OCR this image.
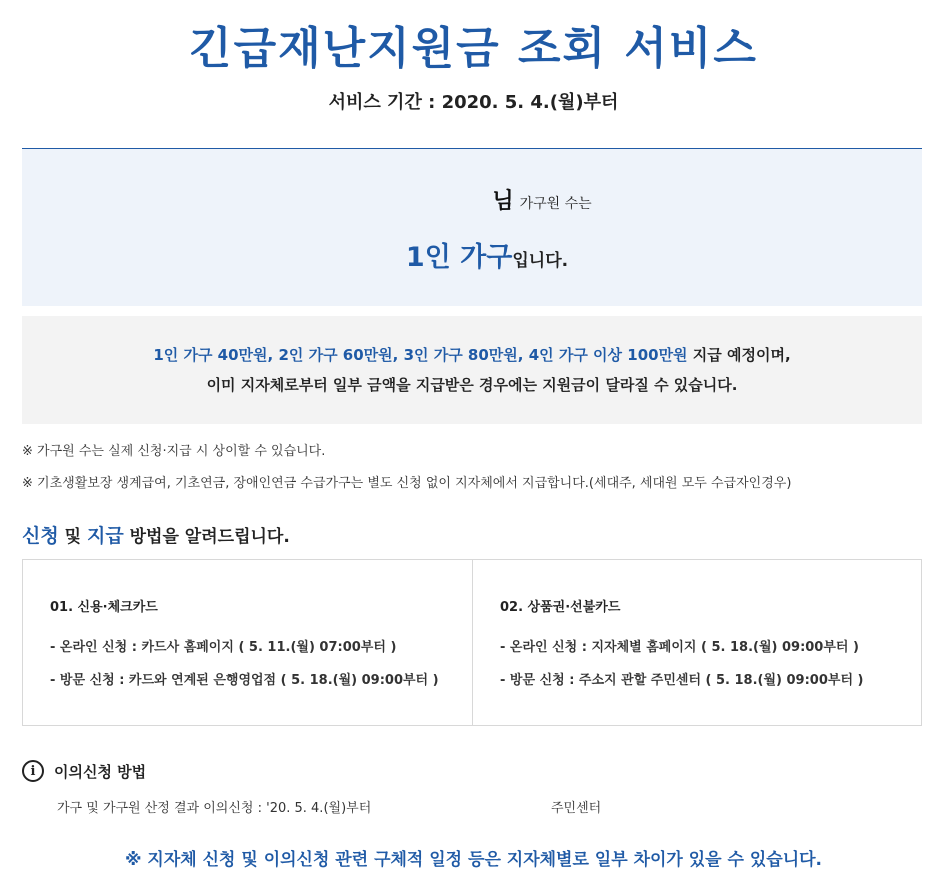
긴급재난지원금 조회 서비스
서비스 기간 : 2020. 5. 4.(월)부터
님가구원 수는
1인 가구입니다.
1인 가구 40만원, 2인 가구 60만원, 3인 가구 80만원, 4인 가구 이상 100만원 지급 예정이며,
이미 지자체로부터 일부 금액을 지급받은 경우에는 지원금이 달라질 수 있습니다.
※ 가구원 수는 실제 신청·지급 시 상이할 수 있습니다.
※ 기초생활보장 생계급여, 기초연금, 장애인연금 수급가구는 별도 신청 없이 지자체에서 지급합니다.(세대주, 세대원 모두 수급자인경우)
신청 및 지급 방법을 알려드립니다.
01. 신용·체크카드
- 온라인 신청 : 카드사 홈페이지 ( 5. 11.(월) 07:00부터 )
- 방문 신청 : 카드와 연계된 은행영업점 ( 5. 18.(월) 09:00부터 )
02. 상품권·선불카드
- 온라인 신청 : 지자체별 홈페이지 ( 5. 18.(월) 09:00부터 )
- 방문 신청 : 주소지 관할 주민센터 ( 5. 18.(월) 09:00부터 )
i	이의신청 방법
가구 및 가구원 산정 결과 이의신청 : '20. 5. 4.(월)부터	주민센터
※ 지자체 신청 및 이의신청 관련 구체적 일정 등은 지자체별로 일부 차이가 있을 수 있습니다.
